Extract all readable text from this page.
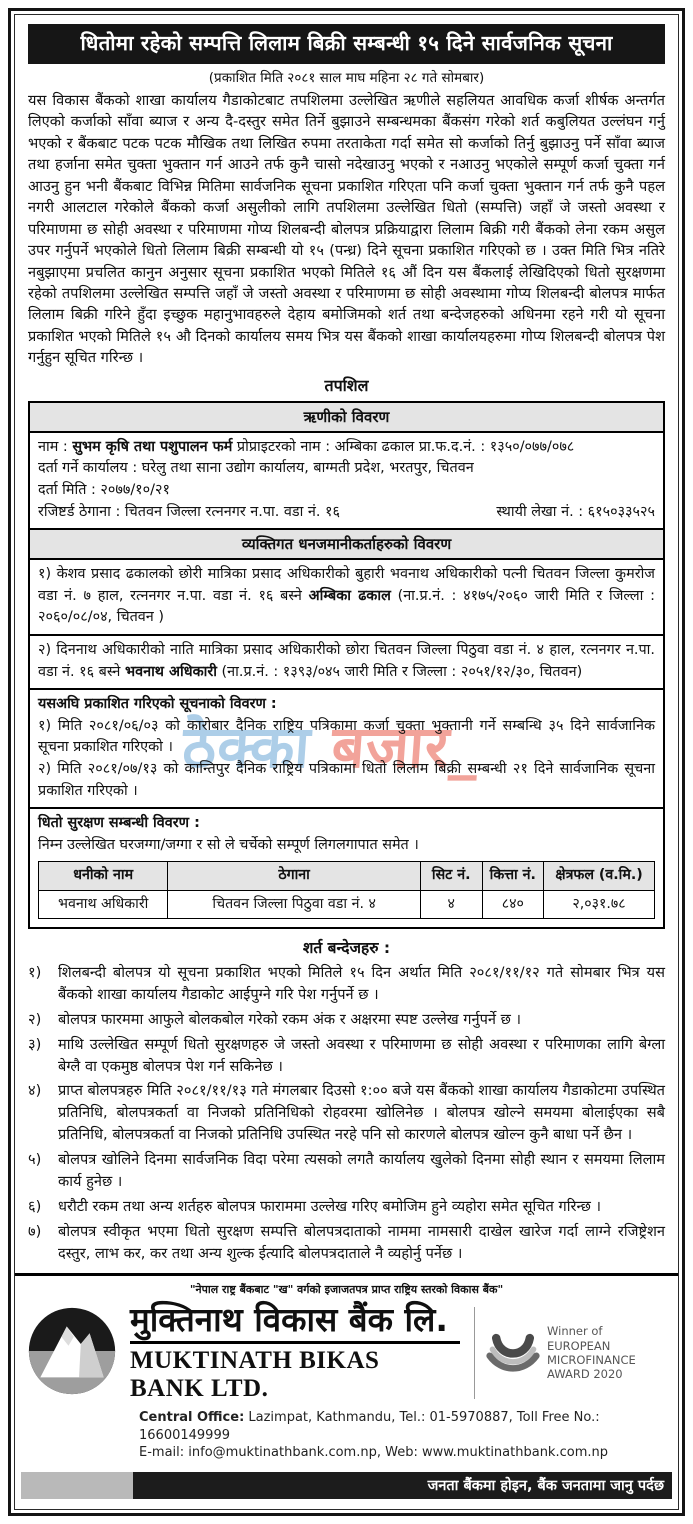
ठेक्का बजार_
धितोमा रहेको सम्पत्ति लिलाम बिक्री सम्बन्धी १५ दिने सार्वजनिक सूचना
(प्रकाशित मिति २०८१ साल माघ महिना २८ गते सोमबार)
यस विकास बैंकको शाखा कार्यालय गैडाकोटबाट तपशिलमा उल्लेखित ऋणीले सहलियत आवधिक कर्जा शीर्षक अन्तर्गत लिएको कर्जाको साँवा ब्याज र अन्य दै-दस्तुर समेत तिर्ने बुझाउने सम्बन्धमका बैंकसंग गरेको शर्त कबुलियत उल्लंघन गर्नु भएको र बैंकबाट पटक पटक मौखिक तथा लिखित रुपमा तरताकेता गर्दा समेत सो कर्जाको तिर्नु बुझाउनु पर्ने साँवा ब्याज तथा हर्जाना समेत चुक्ता भुक्तान गर्न आउने तर्फ कुनै चासो नदेखाउनु भएको र नआउनु भएकोले सम्पूर्ण कर्जा चुक्ता गर्न आउनु हुन भनी बैंकबाट विभिन्न मितिमा सार्वजनिक सूचना प्रकाशित गरिएता पनि कर्जा चुक्ता भुक्तान गर्न तर्फ कुनै पहल नगरी आलटाल गरेकोले बैंकको कर्जा असुलीको लागि तपशिलमा उल्लेखित धितो (सम्पत्ति) जहाँ जे जस्तो अवस्था र परिमाणमा छ सोही अवस्था र परिमाणमा गोप्य शिलबन्दी बोलपत्र प्रक्रियाद्वारा लिलाम बिक्री गरी बैंकको लेना रकम असुल उपर गर्नुपर्ने भएकोले धितो लिलाम बिक्री सम्बन्धी यो १५ (पन्ध्र) दिने सूचना प्रकाशित गरिएको छ । उक्त मिति भित्र नतिरे नबुझाएमा प्रचलित कानुन अनुसार सूचना प्रकाशित भएको मितिले १६ औं दिन यस बैंकलाई लेखिदिएको धितो सुरक्षणमा रहेको तपशिलमा उल्लेखित सम्पत्ति जहाँ जे जस्तो अवस्था र परिमाणमा छ सोही अवस्थामा गोप्य शिलबन्दी बोलपत्र मार्फत लिलाम बिक्री गरिने हुँदा इच्छुक महानुभावहरुले देहाय बमोजिमको शर्त तथा बन्देजहरुको अधिनमा रहने गरी यो सूचना प्रकाशित भएको मितिले १५ औ दिनको कार्यालय समय भित्र यस बैंकको शाखा कार्यालयहरुमा गोप्य शिलबन्दी बोलपत्र पेश गर्नुहुन सूचित गरिन्छ ।
तपशिल
ऋणीको विवरण
नाम : सुभम कृषि तथा पशुपालन फर्म प्रोप्राइटरको नाम : अम्बिका ढकाल प्रा.फ.द.नं. : १३५०/०७७/०७८
दर्ता गर्ने कार्यालय : घरेलु तथा साना उद्योग कार्यालय, बाग्मती प्रदेश, भरतपुर, चितवन
दर्ता मिति : २०७७/१०/२१
रजिष्टर्ड ठेगाना : चितवन जिल्ला रत्ननगर न.पा. वडा नं. १६	स्थायी लेखा नं. : ६१५०३३५२५
व्यक्तिगत धनजमानीकर्ताहरुको विवरण
१) केशव प्रसाद ढकालको छोरी मात्रिका प्रसाद अधिकारीको बुहारी भवनाथ अधिकारीको पत्नी चितवन जिल्ला कुमरोज वडा नं. ७ हाल, रत्ननगर न.पा. वडा नं. १६ बस्ने अम्बिका ढकाल (ना.प्र.नं. : ४१७५/२०६० जारी मिति र जिल्ला : २०६०/०८/०४, चितवन )
२) दिननाथ अधिकारीको नाति मात्रिका प्रसाद अधिकारीको छोरा चितवन जिल्ला पिठुवा वडा नं. ४ हाल, रत्ननगर न.पा. वडा नं. १६ बस्ने भवनाथ अधिकारी (ना.प्र.नं. : १३९३/०४५ जारी मिति र जिल्ला : २०५१/१२/३०, चितवन)
यसअघि प्रकाशित गरिएको सूचनाको विवरण :
१) मिति २०८१/०६/०३ को कारोबार दैनिक राष्ट्रिय पत्रिकामा कर्जा चुक्ता भुक्तानी गर्ने सम्बन्धि ३५ दिने सार्वजानिक सूचना प्रकाशित गरिएको ।
२) मिति २०८१/०७/१३ को कान्तिपुर दैनिक राष्ट्रिय पत्रिकामा धितो लिलाम बिक्री सम्बन्धी २१ दिने सार्वजानिक सूचना प्रकाशित गरिएको ।
धितो सुरक्षण सम्बन्धी विवरण :
निम्न उल्लेखित घरजग्गा/जग्गा र सो ले चर्चेको सम्पूर्ण लिगलगापात समेत ।
धनीको नाम	ठेगाना	सिट नं.	कित्ता नं.	क्षेत्रफल (व.मि.)
भवनाथ अधिकारी	चितवन जिल्ला पिठुवा वडा नं. ४	४	८४०	२,०३१.७८
शर्त बन्देजहरु :
१)	शिलबन्दी बोलपत्र यो सूचना प्रकाशित भएको मितिले १५ दिन अर्थात मिति २०८१/११/१२ गते सोमबार भित्र यस बैंकको शाखा कार्यालय गैडाकोट आईपुग्ने गरि पेश गर्नुपर्ने छ ।
२)	बोलपत्र फारममा आफुले बोलकबोल गरेको रकम अंक र अक्षरमा स्पष्ट उल्लेख गर्नुपर्ने छ ।
३)	माथि उल्लेखित सम्पूर्ण धितो सुरक्षणहरु जे जस्तो अवस्था र परिमाणमा छ सोही अवस्था र परिमाणका लागि बेग्ला बेग्लै वा एकमुष्ठ बोलपत्र पेश गर्न सकिनेछ ।
४)	प्राप्त बोलपत्रहरु मिति २०८१/११/१३ गते मंगलबार दिउसो १:०० बजे यस बैंकको शाखा कार्यालय गैडाकोटमा उपस्थित प्रतिनिधि, बोलपत्रकर्ता वा निजको प्रतिनिधिको रोहवरमा खोलिनेछ । बोलपत्र खोल्ने समयमा बोलाईएका सबै प्रतिनिधि, बोलपत्रकर्ता वा निजको प्रतिनिधि उपस्थित नरहे पनि सो कारणले बोलपत्र खोल्न कुनै बाधा पर्ने छैन ।
५)	बोलपत्र खोलिने दिनमा सार्वजनिक विदा परेमा त्यसको लगतै कार्यालय खुलेको दिनमा सोही स्थान र समयमा लिलाम कार्य हुनेछ ।
६)	धरौटी रकम तथा अन्य शर्तहरु बोलपत्र फाराममा उल्लेख गरिए बमोजिम हुने व्यहोरा समेत सूचित गरिन्छ ।
७)	बोलपत्र स्वीकृत भएमा धितो सुरक्षण सम्पत्ति बोलपत्रदाताको नाममा नामसारी दाखेल खारेज गर्दा लाग्ने रजिष्ट्रेशन दस्तुर, लाभ कर, कर तथा अन्य शुल्क ईत्यादि बोलपत्रदाताले नै व्यहोर्नु पर्नेछ ।
"नेपाल राष्ट्र बैंकबाट "ख" वर्गको इजाजतपत्र प्राप्त राष्ट्रिय स्तरको विकास बैंक"
मुक्तिनाथ विकास बैंक लि.
MUKTINATH BIKAS BANK LTD.
Winner of
EUROPEAN
MICROFINANCE
AWARD 2020
Central Office: Lazimpat, Kathmandu, Tel.: 01-5970887, Toll Free No.: 16600149999
E-mail: info@muktinathbank.com.np, Web: www.muktinathbank.com.np
जनता बैंकमा होइन, बैंक जनतामा जानु पर्दछ
